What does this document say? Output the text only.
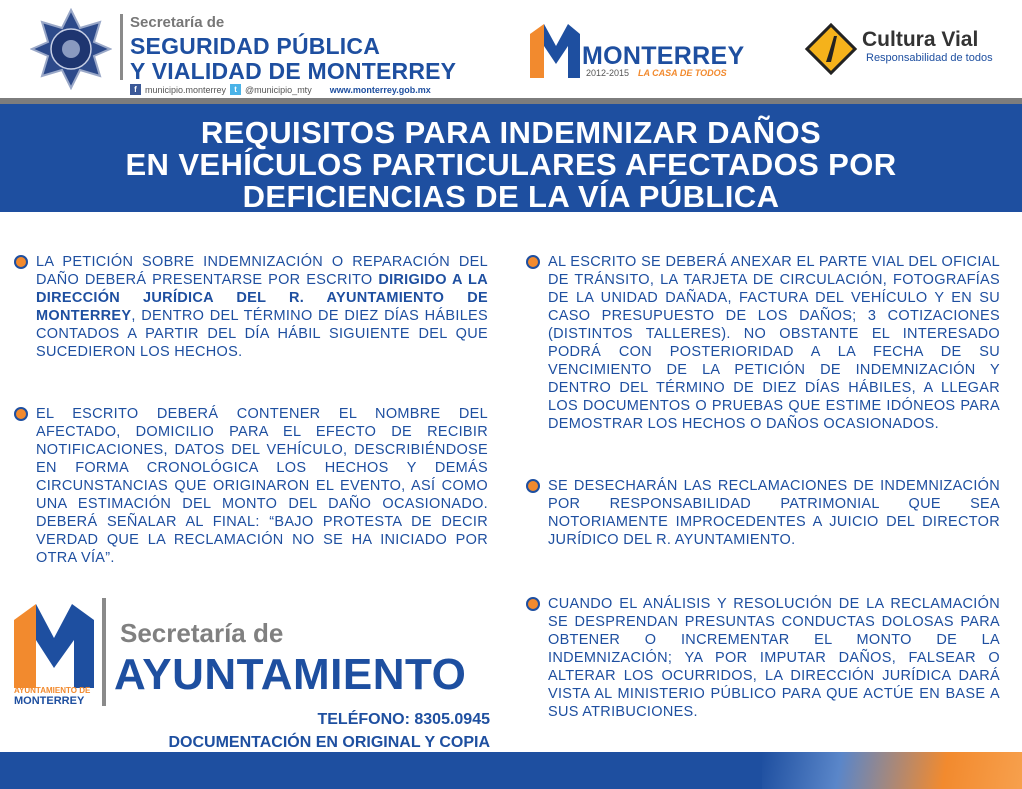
Secretaría de
SEGURIDAD PÚBLICA
Y VIALIDAD DE MONTERREY
f municipio.monterrey	t @municipio_mty www.monterrey.gob.mx
MONTERREY
2012-2015 LA CASA DE TODOS
Cultura Vial
Responsabilidad de todos
REQUISITOS PARA INDEMNIZAR DAÑOS
EN VEHÍCULOS PARTICULARES AFECTADOS POR
DEFICIENCIAS DE LA VÍA PÚBLICA

LA PETICIÓN SOBRE INDEMNIZACIÓN O REPARACIÓN DEL DAÑO DEBERÁ PRESENTARSE POR ESCRITO DIRIGIDO A LA DIRECCIÓN JURÍDICA DEL R. AYUNTAMIENTO DE MONTERREY, DENTRO DEL TÉRMINO DE DIEZ DÍAS HÁBILES CONTADOS A PARTIR DEL DÍA HÁBIL SIGUIENTE DEL QUE SUCEDIERON LOS HECHOS.

EL ESCRITO DEBERÁ CONTENER EL NOMBRE DEL AFECTADO, DOMICILIO PARA EL EFECTO DE RECIBIR NOTIFICACIONES, DATOS DEL VEHÍCULO, DESCRIBIÉNDOSE EN FORMA CRONOLÓGICA LOS HECHOS Y DEMÁS CIRCUNSTANCIAS QUE ORIGINARON EL EVENTO, ASÍ COMO UNA ESTIMACIÓN DEL MONTO DEL DAÑO OCASIONADO. DEBERÁ SEÑALAR AL FINAL: “BAJO PROTESTA DE DECIR VERDAD QUE LA RECLAMACIÓN NO SE HA INICIADO POR OTRA VÍA”.

AL ESCRITO SE DEBERÁ ANEXAR EL PARTE VIAL DEL OFICIAL DE TRÁNSITO, LA TARJETA DE CIRCULACIÓN, FOTOGRAFÍAS DE LA UNIDAD DAÑADA, FACTURA DEL VEHÍCULO Y EN SU CASO PRESUPUESTO DE LOS DAÑOS; 3 COTIZACIONES (DISTINTOS TALLERES). NO OBSTANTE EL INTERESADO PODRÁ CON POSTERIORIDAD A LA FECHA DE SU VENCIMIENTO DE LA PETICIÓN DE INDEMNIZACIÓN Y DENTRO DEL TÉRMINO DE DIEZ DÍAS HÁBILES, A LLEGAR LOS DOCUMENTOS O PRUEBAS QUE ESTIME IDÓNEOS PARA DEMOSTRAR LOS HECHOS O DAÑOS OCASIONADOS.

SE DESECHARÁN LAS RECLAMACIONES DE INDEMNIZACIÓN POR RESPONSABILIDAD PATRIMONIAL QUE SEA NOTORIAMENTE IMPROCEDENTES A JUICIO DEL DIRECTOR JURÍDICO DEL R. AYUNTAMIENTO.

CUANDO EL ANÁLISIS Y RESOLUCIÓN DE LA RECLAMACIÓN SE DESPRENDAN PRESUNTAS CONDUCTAS DOLOSAS PARA OBTENER O INCREMENTAR EL MONTO DE LA INDEMNIZACIÓN; YA POR IMPUTAR DAÑOS, FALSEAR O ALTERAR LOS OCURRIDOS, LA DIRECCIÓN JURÍDICA DARÁ VISTA AL MINISTERIO PÚBLICO PARA QUE ACTÚE EN BASE A SUS ATRIBUCIONES.

AYUNTAMIENTO DE
MONTERREY
Secretaría de
AYUNTAMIENTO
TELÉFONO: 8305.0945
DOCUMENTACIÓN EN ORIGINAL Y COPIA
